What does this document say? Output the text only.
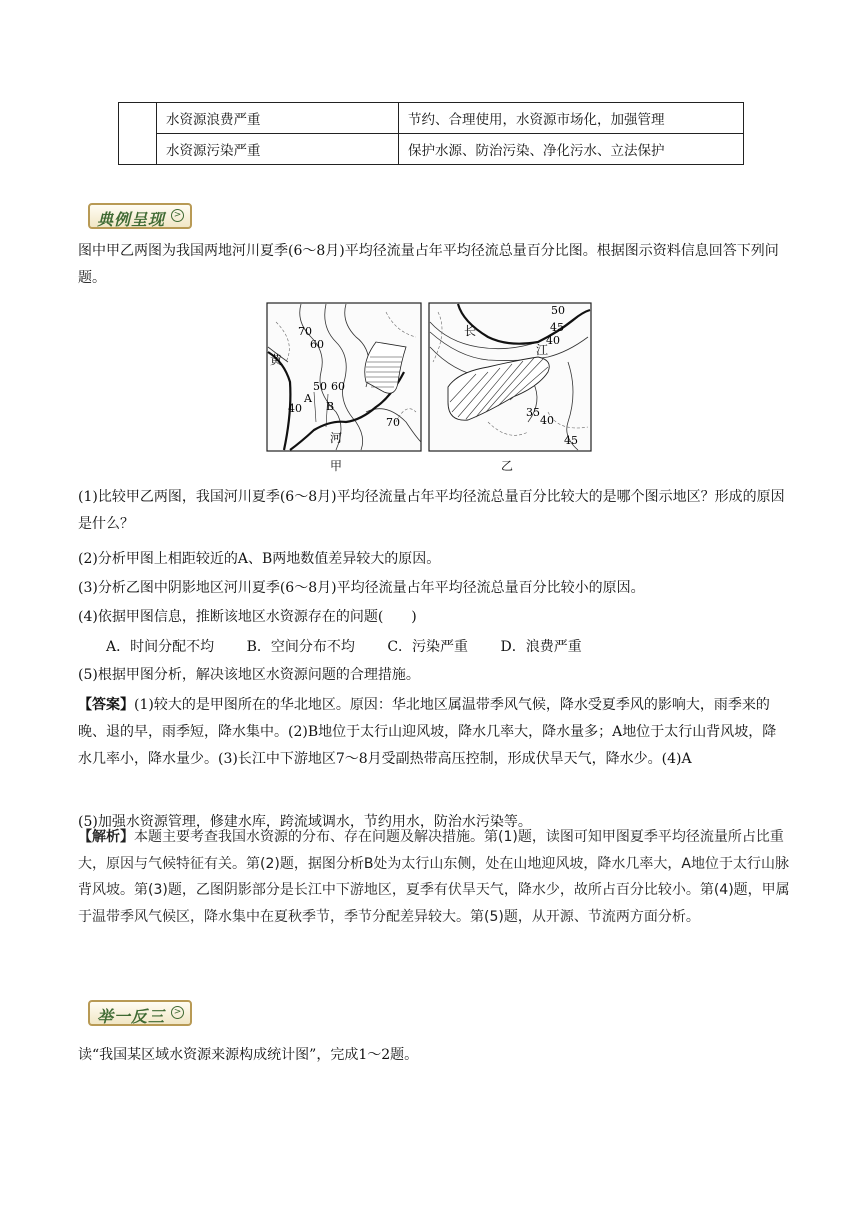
	水资源浪费严重	节约、合理使用，水资源市场化，加强管理
	水资源污染严重	保护水源、防治污染、净化污水、立法保护
典例呈现 >
图中甲乙两图为我国两地河川夏季(6～8月)平均径流量占年平均径流总量百分比图。根据图示资料信息回答下列问题。
70
60
50 60
40
70
黄
河
A
B
甲
50
45
40
35
40
45
长
江
乙
(1)比较甲乙两图，我国河川夏季(6～8月)平均径流量占年平均径流总量百分比较大的是哪个图示地区？形成的原因是什么？
(2)分析甲图上相距较近的A、B两地数值差异较大的原因。
(3)分析乙图中阴影地区河川夏季(6～8月)平均径流量占年平均径流总量百分比较小的原因。
(4)依据甲图信息，推断该地区水资源存在的问题(　　)
A．时间分配不均 B．空间分布不均 C．污染严重 D．浪费严重
(5)根据甲图分析，解决该地区水资源问题的合理措施。
【答案】(1)较大的是甲图所在的华北地区。原因：华北地区属温带季风气候，降水受夏季风的影响大，雨季来的晚、退的早，雨季短，降水集中。(2)B地位于太行山迎风坡，降水几率大，降水量多；A地位于太行山背风坡，降水几率小，降水量少。(3)长江中下游地区7～8月受副热带高压控制，形成伏旱天气，降水少。(4)A
(5)加强水资源管理，修建水库，跨流域调水，节约用水，防治水污染等。
【解析】本题主要考查我国水资源的分布、存在问题及解决措施。第(1)题，读图可知甲图夏季平均径流量所占比重大，原因与气候特征有关。第(2)题，据图分析B处为太行山东侧，处在山地迎风坡，降水几率大，A地位于太行山脉背风坡。第(3)题，乙图阴影部分是长江中下游地区，夏季有伏旱天气，降水少，故所占百分比较小。第(4)题，甲属于温带季风气候区，降水集中在夏秋季节，季节分配差异较大。第(5)题，从开源、节流两方面分析。
举一反三 >
读“我国某区域水资源来源构成统计图”，完成1～2题。
